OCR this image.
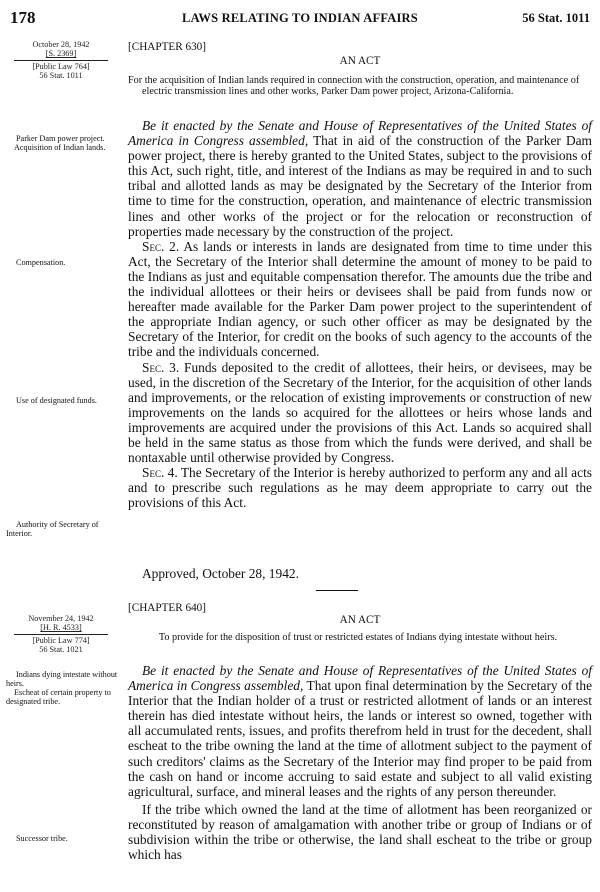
178	LAWS RELATING TO INDIAN AFFAIRS	56 Stat. 1011
October 28, 1942
[S. 2369]
[Public Law 764]
56 Stat. 1011
[CHAPTER 630]
AN ACT
For the acquisition of Indian lands required in connection with the construction, operation, and maintenance of electric transmission lines and other works, Parker Dam power project, Arizona-California.
Parker Dam power project.
Acquisition of Indian lands.

Be it enacted by the Senate and House of Representatives of the United States of America in Congress assembled, That in aid of the construction of the Parker Dam power project, there is hereby granted to the United States, subject to the provisions of this Act, such right, title, and interest of the Indians as may be required in and to such tribal and allotted lands as may be designated by the Secretary of the Interior from time to time for the construction, operation, and maintenance of electric transmission lines and other works of the project or for the relocation or reconstruction of properties made necessary by the construction of the project.

Sec. 2. As lands or interests in lands are designated from time to time under this Act, the Secretary of the Interior shall determine the amount of money to be paid to the Indians as just and equitable compensation therefor. The amounts due the tribe and the individual allottees or their heirs or devisees shall be paid from funds now or hereafter made available for the Parker Dam power project to the superintendent of the appropriate Indian agency, or such other officer as may be designated by the Secretary of the Interior, for credit on the books of such agency to the accounts of the tribe and the individuals concerned.

Sec. 3. Funds deposited to the credit of allottees, their heirs, or devisees, may be used, in the discretion of the Secretary of the Interior, for the acquisition of other lands and improvements, or the relocation of existing improvements or construction of new improvements on the lands so acquired for the allottees or heirs whose lands and improvements are acquired under the provisions of this Act. Lands so acquired shall be held in the same status as those from which the funds were derived, and shall be nontaxable until otherwise provided by Congress.

Sec. 4. The Secretary of the Interior is hereby authorized to perform any and all acts and to prescribe such regulations as he may deem appropriate to carry out the provisions of this Act.

Compensation.
Use of designated funds.
Authority of Secretary of Interior.
Approved, October 28, 1942.
November 24, 1942
[H. R. 4533]
[Public Law 774]
56 Stat. 1021
[CHAPTER 640]
AN ACT
To provide for the disposition of trust or restricted estates of Indians dying intestate without heirs.
Indians dying intestate without heirs.
Escheat of certain property to designated tribe.

Be it enacted by the Senate and House of Representatives of the United States of America in Congress assembled, That upon final determination by the Secretary of the Interior that the Indian holder of a trust or restricted allotment of lands or an interest therein has died intestate without heirs, the lands or interest so owned, together with all accumulated rents, issues, and profits therefrom held in trust for the decedent, shall escheat to the tribe owning the land at the time of allotment subject to the payment of such creditors' claims as the Secretary of the Interior may find proper to be paid from the cash on hand or income accruing to said estate and subject to all valid existing agricultural, surface, and mineral leases and the rights of any person thereunder.

If the tribe which owned the land at the time of allotment has been reorganized or reconstituted by reason of amalgamation with another tribe or group of Indians or of subdivision within the tribe or otherwise, the land shall escheat to the tribe or group which has

Successor tribe.
